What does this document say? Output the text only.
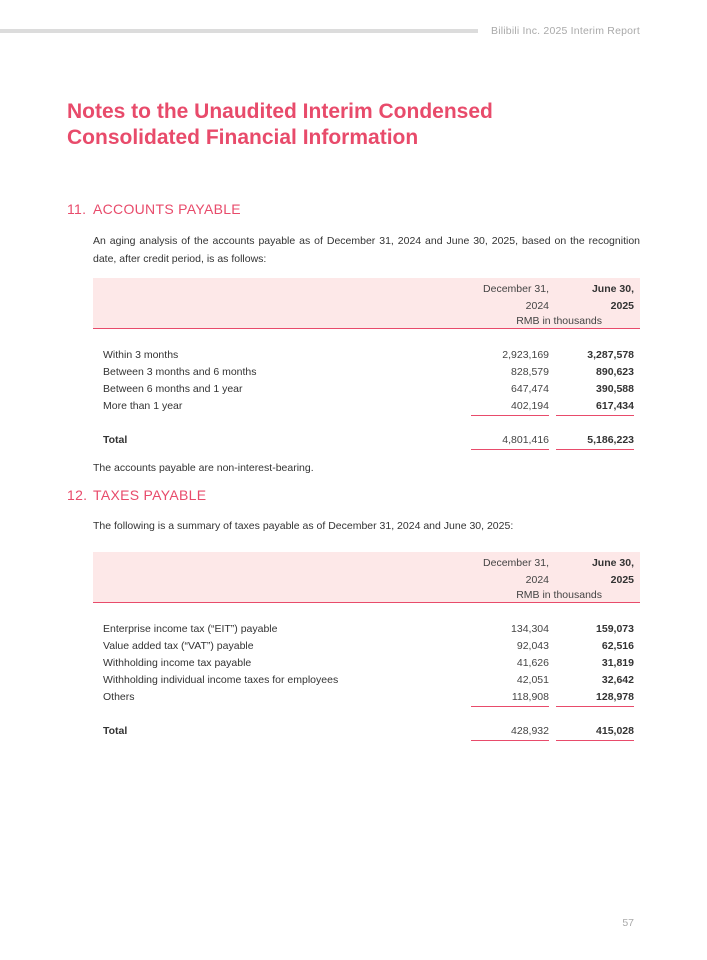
Bilibili Inc. 2025 Interim Report
Notes to the Unaudited Interim Condensed Consolidated Financial Information
11. ACCOUNTS PAYABLE

An aging analysis of the accounts payable as of December 31, 2024 and June 30, 2025, based on the recognition date, after credit period, is as follows:

December 31,
2024
June 30,
2025
RMB in thousands
Within 3 months	2,923,169	3,287,578
Between 3 months and 6 months	828,579	890,623
Between 6 months and 1 year	647,474	390,588
More than 1 year	402,194	617,434
Total	4,801,416	5,186,223

The accounts payable are non-interest-bearing.

12. TAXES PAYABLE

The following is a summary of taxes payable as of December 31, 2024 and June 30, 2025:

December 31,
2024
June 30,
2025
RMB in thousands
Enterprise income tax (“EIT”) payable	134,304	159,073
Value added tax (“VAT”) payable	92,043	62,516
Withholding income tax payable	41,626	31,819
Withholding individual income taxes for employees	42,051	32,642
Others	118,908	128,978
Total	428,932	415,028
57
